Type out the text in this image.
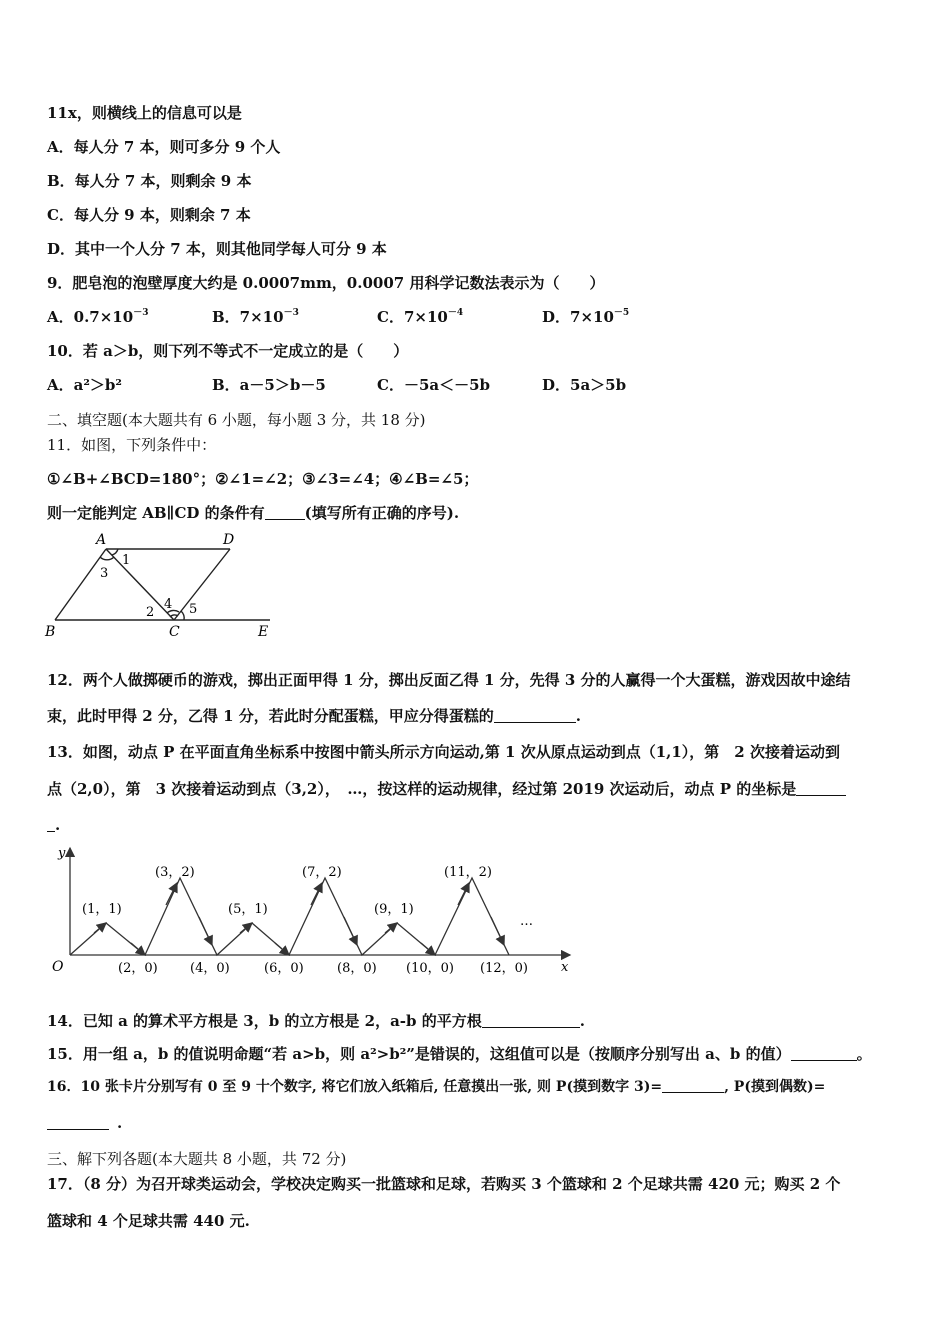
11x，则横线上的信息可以是
A．每人分 7 本，则可多分 9 个人
B．每人分 7 本，则剩余 9 本
C．每人分 9 本，则剩余 7 本
D．其中一个人分 7 本，则其他同学每人可分 9 本
9．肥皂泡的泡壁厚度大约是 0.0007mm，0.0007 用科学记数法表示为（　　）
A．$0.7\times 10^{-3}$	B．$7\times 10^{-3}$	C．$7\times 10^{-4}$	D．$7\times 10^{-5}$
10．若 a＞b，则下列不等式不一定成立的是（　　）
A．a²＞b²	B．a－5＞b－5	C．－5a＜－5b	D．5a＞5b
二、填空题(本大题共有 6 小题，每小题 3 分，共 18 分)
11．如图，下列条件中：
①∠B+∠BCD=180°；②∠1=∠2；③∠3=∠4；④∠B=∠5；
则一定能判定 AB∥CD 的条件有	(填写所有正确的序号).
A	D
B	C	E
1
3
2
4 5
12．两个人做掷硬币的游戏，掷出正面甲得 1 分，掷出反面乙得 1 分，先得 3 分的人赢得一个大蛋糕，游戏因故中途结
束，此时甲得 2 分，乙得 1 分，若此时分配蛋糕，甲应分得蛋糕的	.
13．如图，动点 P 在平面直角坐标系中按图中箭头所示方向运动,第 1 次从原点运动到点（1,1），第　2 次接着运动到
点（2,0），第　3 次接着运动到点（3,2），　…，按这样的运动规律，经过第 2019 次运动后，动点 P 的坐标是
.
y
x
O
…
(3，2)	(7，2)	(11，2)
(1，1)	(5，1)	(9，1)
(2，0) (4，0)	(6，0)	(8，0) (10，0) (12，0)
14．已知 a 的算术平方根是 3，b 的立方根是 2，a-b 的平方根	.
15．用一组 a，b 的值说明命题“若 a>b，则 a²>b²”是错误的，这组值可以是（按顺序分别写出 a、b 的值）	。
16．10 张卡片分别写有 0 至 9 十个数字, 将它们放入纸箱后, 任意摸出一张, 则 P(摸到数字 3)=	, P(摸到偶数)=
.
三、解下列各题(本大题共 8 小题，共 72 分)
17．（8 分）为召开球类运动会，学校决定购买一批篮球和足球，若购买 3 个篮球和 2 个足球共需 420 元；购买 2 个
篮球和 4 个足球共需 440 元.
